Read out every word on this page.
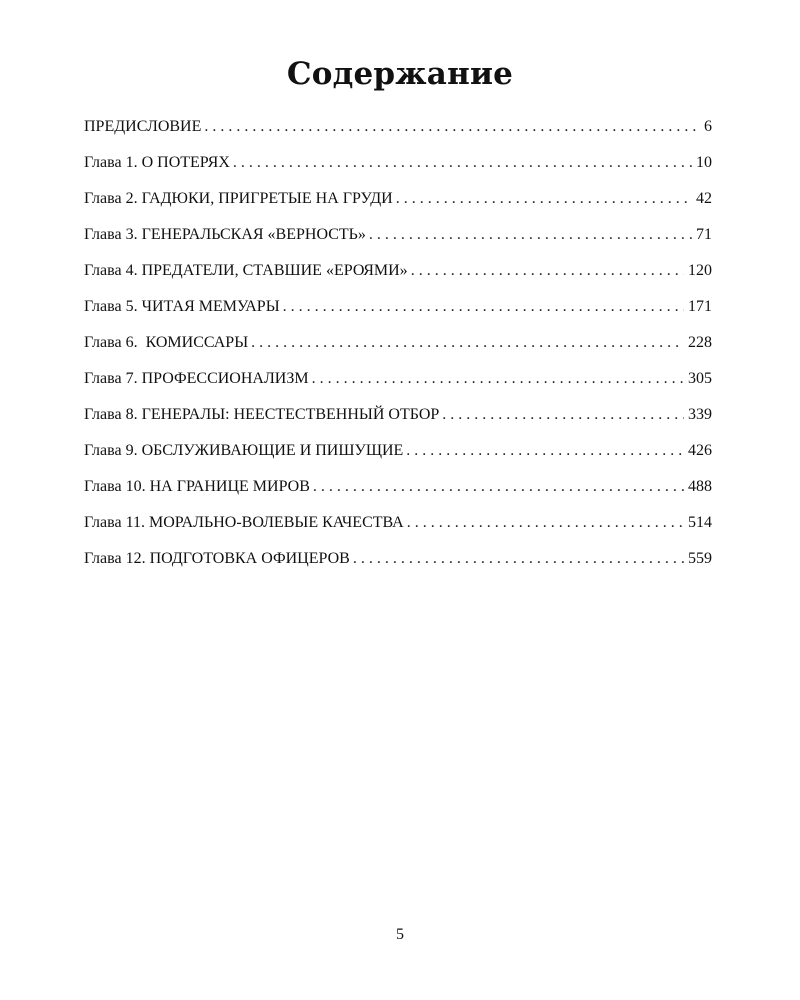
Содержание
ПРЕДИСЛОВИЕ . . .	6
Глава 1. О ПОТЕРЯХ . . .	10
Глава 2. ГАДЮКИ, ПРИГРЕТЫЕ НА ГРУДИ . . .	42
Глава 3. ГЕНЕРАЛЬСКАЯ «ВЕРНОСТЬ» . . .	71
Глава 4. ПРЕДАТЕЛИ, СТАВШИЕ «ЕРОЯМИ» . . .	120
Глава 5. ЧИТАЯ МЕМУАРЫ . . .	171
Глава 6.  КОМИССАРЫ . . .	228
Глава 7. ПРОФЕССИОНАЛИЗМ . . .	305
Глава 8. ГЕНЕРАЛЫ: НЕЕСТЕСТВЕННЫЙ ОТБОР . . .	339
Глава 9. ОБСЛУЖИВАЮЩИЕ И ПИШУЩИЕ . . .	426
Глава 10. НА ГРАНИЦЕ МИРОВ . . .	488
Глава 11. МОРАЛЬНО-ВОЛЕВЫЕ КАЧЕСТВА . . .	514
Глава 12. ПОДГОТОВКА ОФИЦЕРОВ . . .	559
5
